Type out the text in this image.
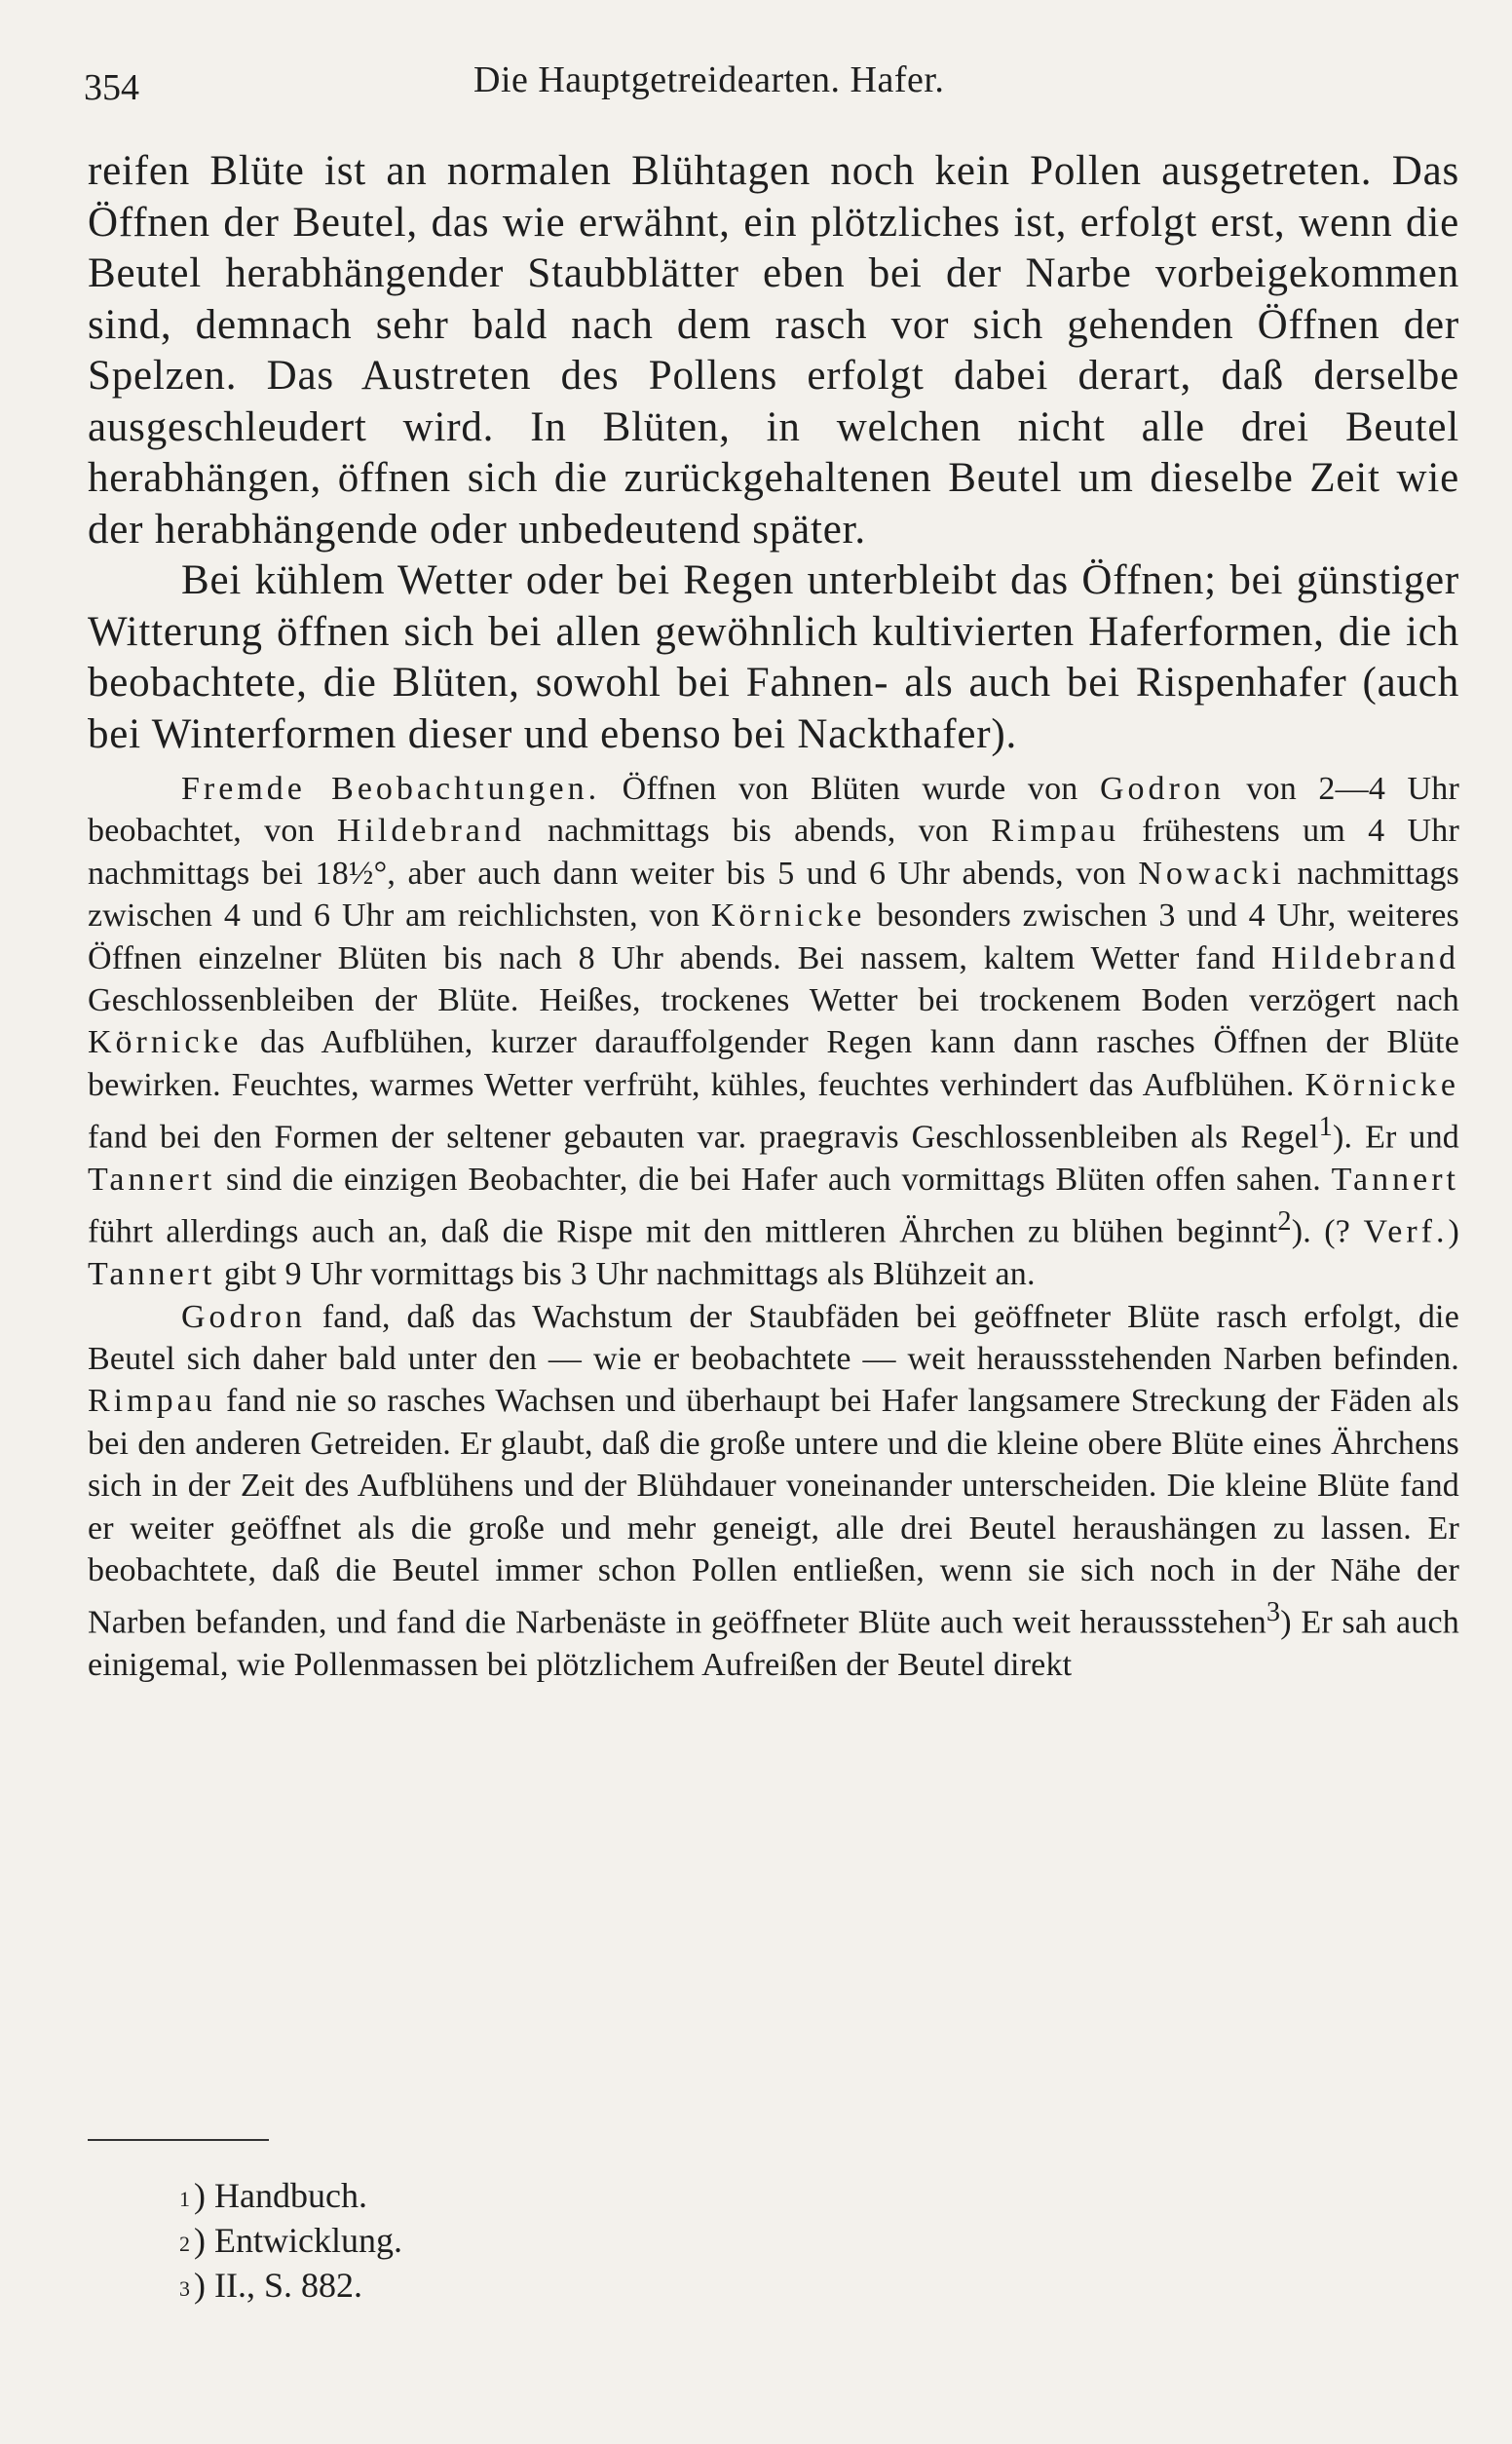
354	Die Hauptgetreidearten. Hafer.

reifen Blüte ist an normalen Blühtagen noch kein Pollen ausgetreten. Das Öffnen der Beutel, das wie erwähnt, ein plötzliches ist, erfolgt erst, wenn die Beutel herabhängender Staubblätter eben bei der Narbe vorbeigekommen sind, demnach sehr bald nach dem rasch vor sich gehenden Öffnen der Spelzen. Das Austreten des Pollens erfolgt dabei derart, daß derselbe ausgeschleudert wird. In Blüten, in welchen nicht alle drei Beutel herabhängen, öffnen sich die zurückgehaltenen Beutel um dieselbe Zeit wie der herabhängende oder unbedeutend später.

Bei kühlem Wetter oder bei Regen unterbleibt das Öffnen; bei günstiger Witterung öffnen sich bei allen gewöhnlich kultivierten Haferformen, die ich beobachtete, die Blüten, sowohl bei Fahnen- als auch bei Rispenhafer (auch bei Winterformen dieser und ebenso bei Nackthafer).

Fremde Beobachtungen. Öffnen von Blüten wurde von Godron von 2—4 Uhr beobachtet, von Hildebrand nachmittags bis abends, von Rimpau frühestens um 4 Uhr nachmittags bei 18½°, aber auch dann weiter bis 5 und 6 Uhr abends, von Nowacki nachmittags zwischen 4 und 6 Uhr am reichlichsten, von Körnicke besonders zwischen 3 und 4 Uhr, weiteres Öffnen einzelner Blüten bis nach 8 Uhr abends. Bei nassem, kaltem Wetter fand Hildebrand Geschlossenbleiben der Blüte. Heißes, trockenes Wetter bei trockenem Boden verzögert nach Körnicke das Aufblühen, kurzer darauffolgender Regen kann dann rasches Öffnen der Blüte bewirken. Feuchtes, warmes Wetter verfrüht, kühles, feuchtes verhindert das Aufblühen. Körnicke fand bei den Formen der seltener gebauten var. praegravis Geschlossenbleiben als Regel$^1$). Er und Tannert sind die einzigen Beobachter, die bei Hafer auch vormittags Blüten offen sahen. Tannert führt allerdings auch an, daß die Rispe mit den mittleren Ährchen zu blühen beginnt$^2$). (? Verf.) Tannert gibt 9 Uhr vormittags bis 3 Uhr nachmittags als Blühzeit an.

Godron fand, daß das Wachstum der Staubfäden bei geöffneter Blüte rasch erfolgt, die Beutel sich daher bald unter den — wie er beobachtete — weit heraussstehenden Narben befinden. Rimpau fand nie so rasches Wachsen und überhaupt bei Hafer langsamere Streckung der Fäden als bei den anderen Getreiden. Er glaubt, daß die große untere und die kleine obere Blüte eines Ährchens sich in der Zeit des Aufblühens und der Blühdauer voneinander unterscheiden. Die kleine Blüte fand er weiter geöffnet als die große und mehr geneigt, alle drei Beutel heraushängen zu lassen. Er beobachtete, daß die Beutel immer schon Pollen entließen, wenn sie sich noch in der Nähe der Narben befanden, und fand die Narbenäste in geöffneter Blüte auch weit heraussstehen$^3$) Er sah auch einigemal, wie Pollenmassen bei plötzlichem Aufreißen der Beutel direkt

$^1$ ) Handbuch.
$^2$ ) Entwicklung.
$^3$ ) II., S. 882.
